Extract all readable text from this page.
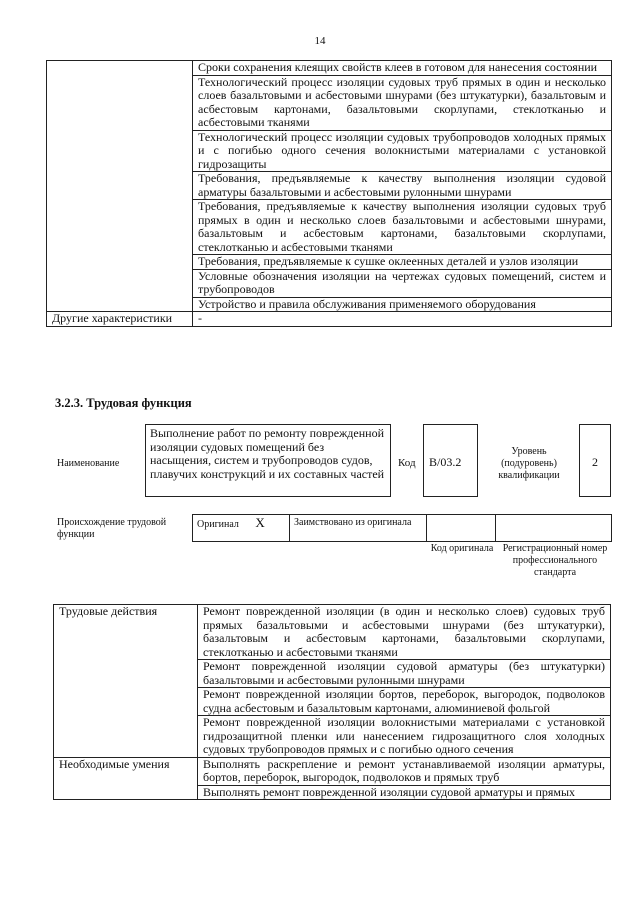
14
	Сроки сохранения клеящих свойств клеев в готовом для нанесения состоянии
	Технологический процесс изоляции судовых труб прямых в один и несколько слоев базальтовыми и асбестовыми шнурами (без штукатурки), базальтовым и асбестовым картонами, базальтовыми скорлупами, стеклотканью и асбестовыми тканями
	Технологический процесс изоляции судовых трубопроводов холодных прямых и с погибью одного сечения волокнистыми материалами с установкой гидрозащиты
	Требования, предъявляемые к качеству выполнения изоляции судовой арматуры базальтовыми и асбестовыми рулонными шнурами
	Требования, предъявляемые к качеству выполнения изоляции судовых труб прямых в один и несколько слоев базальтовыми и асбестовыми шнурами, базальтовым и асбестовым картонами, базальтовыми скорлупами, стеклотканью и асбестовыми тканями
	Требования, предъявляемые к сушке оклеенных деталей и узлов изоляции
	Условные обозначения изоляции на чертежах судовых помещений, систем и трубопроводов
	Устройство и правила обслуживания применяемого оборудования
Другие характеристики	-
3.2.3. Трудовая функция
Наименование
Выполнение работ по ремонту поврежденной изоляции судовых помещений без насыщения, систем и трубопроводов судов, плавучих конструкций и их составных частей
Код	B/03.2
Уровень (подуровень) квалификации
2
Происхождение трудовой функции
Оригинал X	Заимствовано из оригинала		
Код оригинала Регистрационный номер профессионального стандарта
Трудовые действия	Ремонт поврежденной изоляции (в один и несколько слоев) судовых труб прямых базальтовыми и асбестовыми шнурами (без штукатурки), базальтовым и асбестовым картонами, базальтовыми скорлупами, стеклотканью и асбестовыми тканями
	Ремонт поврежденной изоляции судовой арматуры (без штукатурки) базальтовыми и асбестовыми рулонными шнурами
	Ремонт поврежденной изоляции бортов, переборок, выгородок, подволоков судна асбестовым и базальтовым картонами, алюминиевой фольгой
	Ремонт поврежденной изоляции волокнистыми материалами с установкой гидрозащитной пленки или нанесением гидрозащитного слоя холодных судовых трубопроводов прямых и с погибью одного сечения
Необходимые умения	Выполнять раскрепление и ремонт устанавливаемой изоляции арматуры, бортов, переборок, выгородок, подволоков и прямых труб
	Выполнять ремонт поврежденной изоляции судовой арматуры и прямых
